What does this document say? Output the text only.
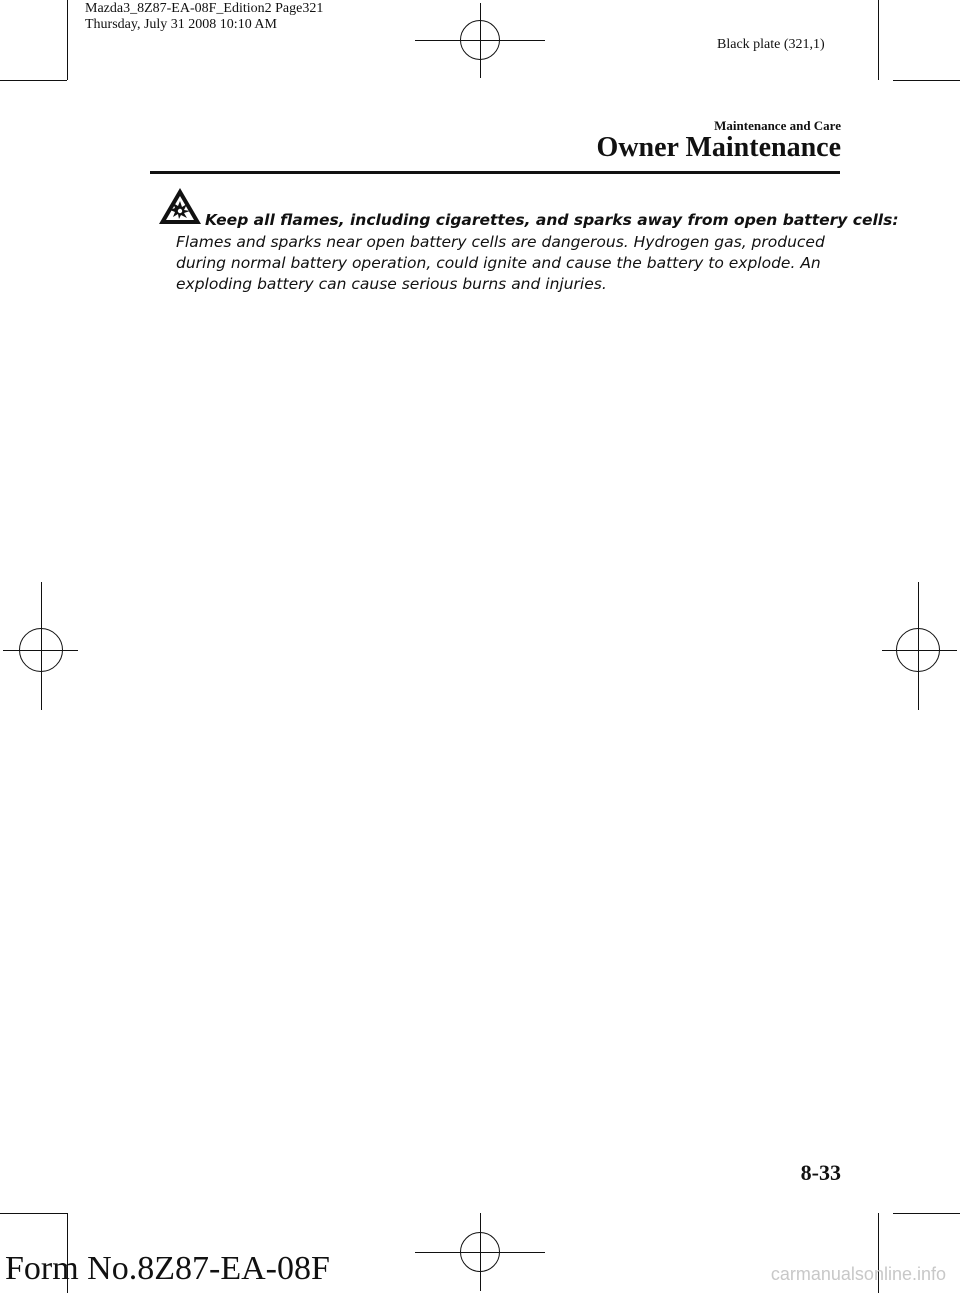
Mazda3_8Z87-EA-08F_Edition2 Page321
Thursday, July 31 2008 10:10 AM
Black plate (321,1)
Maintenance and Care
Owner Maintenance
Keep all flames, including cigarettes, and sparks away from open battery cells:
Flames and sparks near open battery cells are dangerous. Hydrogen gas, produced during normal battery operation, could ignite and cause the battery to explode. An exploding battery can cause serious burns and injuries.
8-33
Form No.8Z87-EA-08F	carmanualsonline.info
